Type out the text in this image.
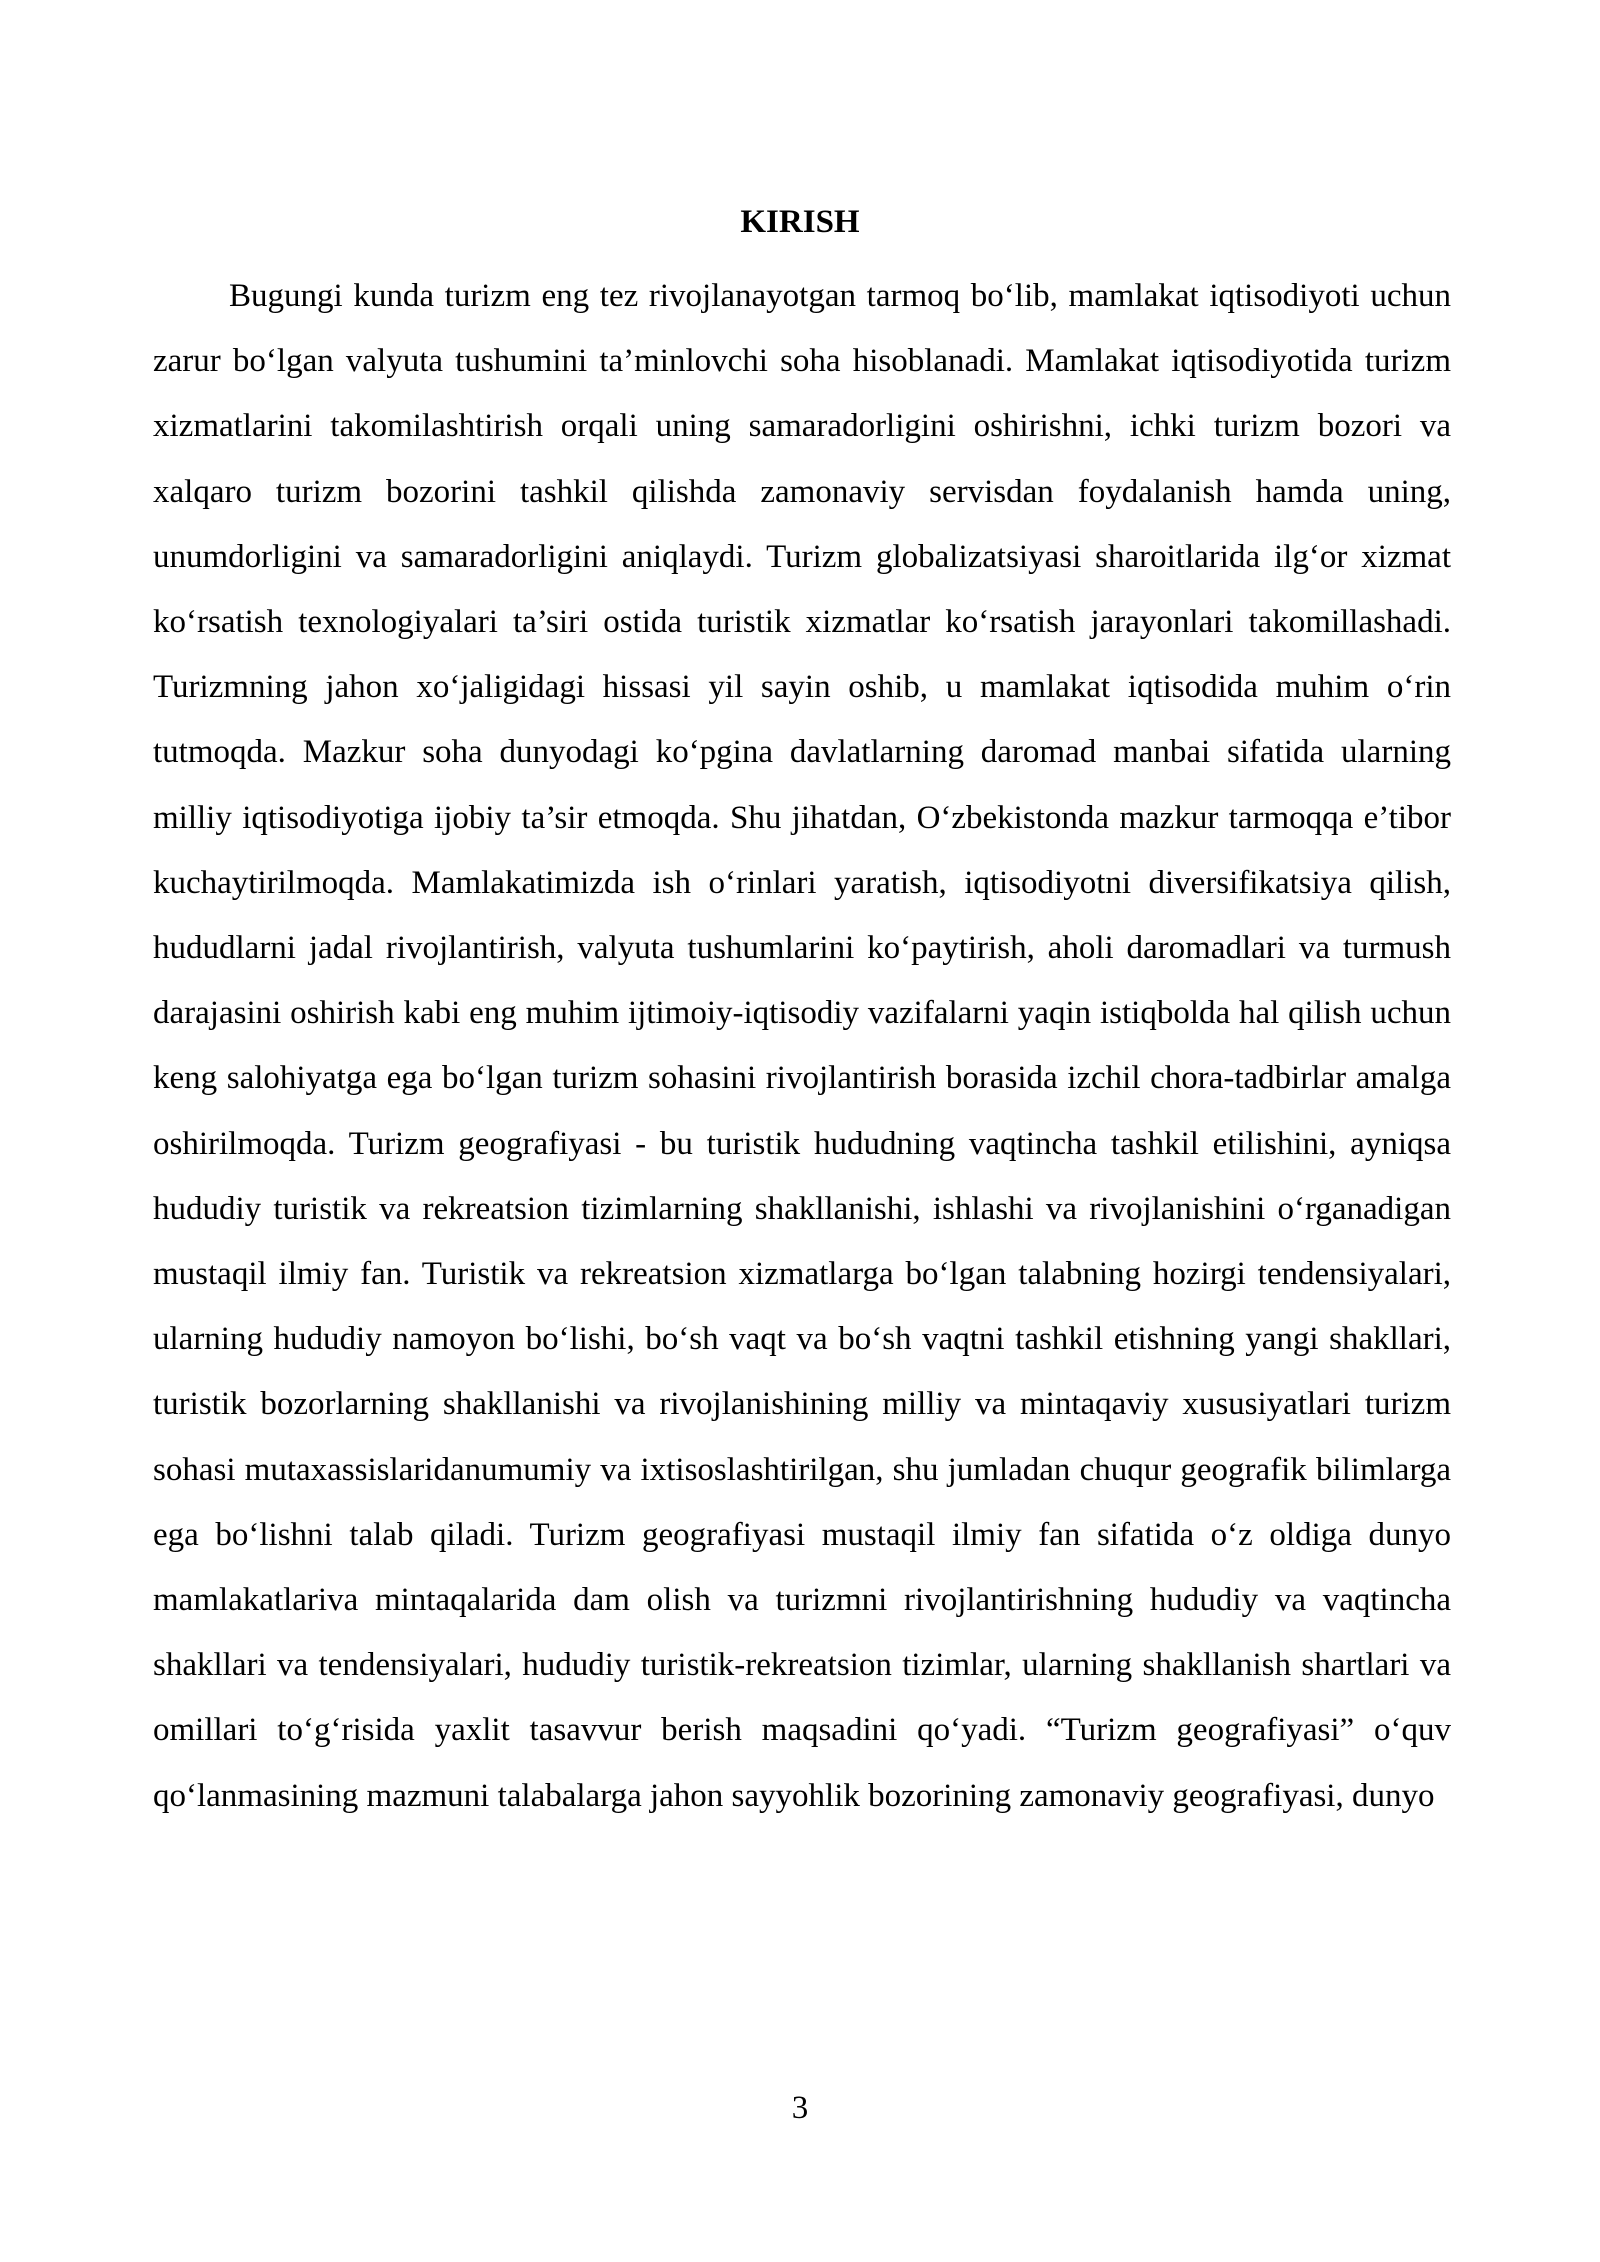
KIRISH

Bugungi kunda turizm eng tez rivojlanayotgan tarmoq bo‘lib, mamlakat iqtisodiyoti uchun zarur bo‘lgan valyuta tushumini ta’minlovchi soha hisoblanadi. Mamlakat iqtisodiyotida turizm xizmatlarini takomilashtirish orqali uning samaradorligini oshirishni, ichki turizm bozori va xalqaro turizm bozorini tashkil qilishda zamonaviy servisdan foydalanish hamda uning, unumdorligini va samaradorligini aniqlaydi. Turizm globalizatsiyasi sharoitlarida ilg‘or xizmat ko‘rsatish texnologiyalari ta’siri ostida turistik xizmatlar ko‘rsatish jarayonlari takomillashadi. Turizmning jahon xo‘jaligidagi hissasi yil sayin oshib, u mamlakat iqtisodida muhim o‘rin tutmoqda. Mazkur soha dunyodagi ko‘pgina davlatlarning daromad manbai sifatida ularning milliy iqtisodiyotiga ijobiy ta’sir etmoqda. Shu jihatdan, O‘zbekistonda mazkur tarmoqqa e’tibor kuchaytirilmoqda. Mamlakatimizda ish o‘rinlari yaratish, iqtisodiyotni diversifikatsiya qilish, hududlarni jadal rivojlantirish, valyuta tushumlarini ko‘paytirish, aholi daromadlari va turmush darajasini oshirish kabi eng muhim ijtimoiy-iqtisodiy vazifalarni yaqin istiqbolda hal qilish uchun keng salohiyatga ega bo‘lgan turizm sohasini rivojlantirish borasida izchil chora-tadbirlar amalga oshirilmoqda. Turizm geografiyasi - bu turistik hududning vaqtincha tashkil etilishini, ayniqsa hududiy turistik va rekreatsion tizimlarning shakllanishi, ishlashi va rivojlanishini o‘rganadigan mustaqil ilmiy fan. Turistik va rekreatsion xizmatlarga bo‘lgan talabning hozirgi tendensiyalari, ularning hududiy namoyon bo‘lishi, bo‘sh vaqt va bo‘sh vaqtni tashkil etishning yangi shakllari, turistik bozorlarning shakllanishi va rivojlanishining milliy va mintaqaviy xususiyatlari turizm sohasi mutaxassislaridanumumiy va ixtisoslashtirilgan, shu jumladan chuqur geografik bilimlarga ega bo‘lishni talab qiladi. Turizm geografiyasi mustaqil ilmiy fan sifatida o‘z oldiga dunyo mamlakatlariva mintaqalarida dam olish va turizmni rivojlantirishning hududiy va vaqtincha shakllari va tendensiyalari, hududiy turistik-rekreatsion tizimlar, ularning shakllanish shartlari va omillari to‘g‘risida yaxlit tasavvur berish maqsadini qo‘yadi. “Turizm geografiyasi” o‘quv qo‘lanmasining mazmuni talabalarga jahon sayyohlik bozorining zamonaviy geografiyasi, dunyo

3
